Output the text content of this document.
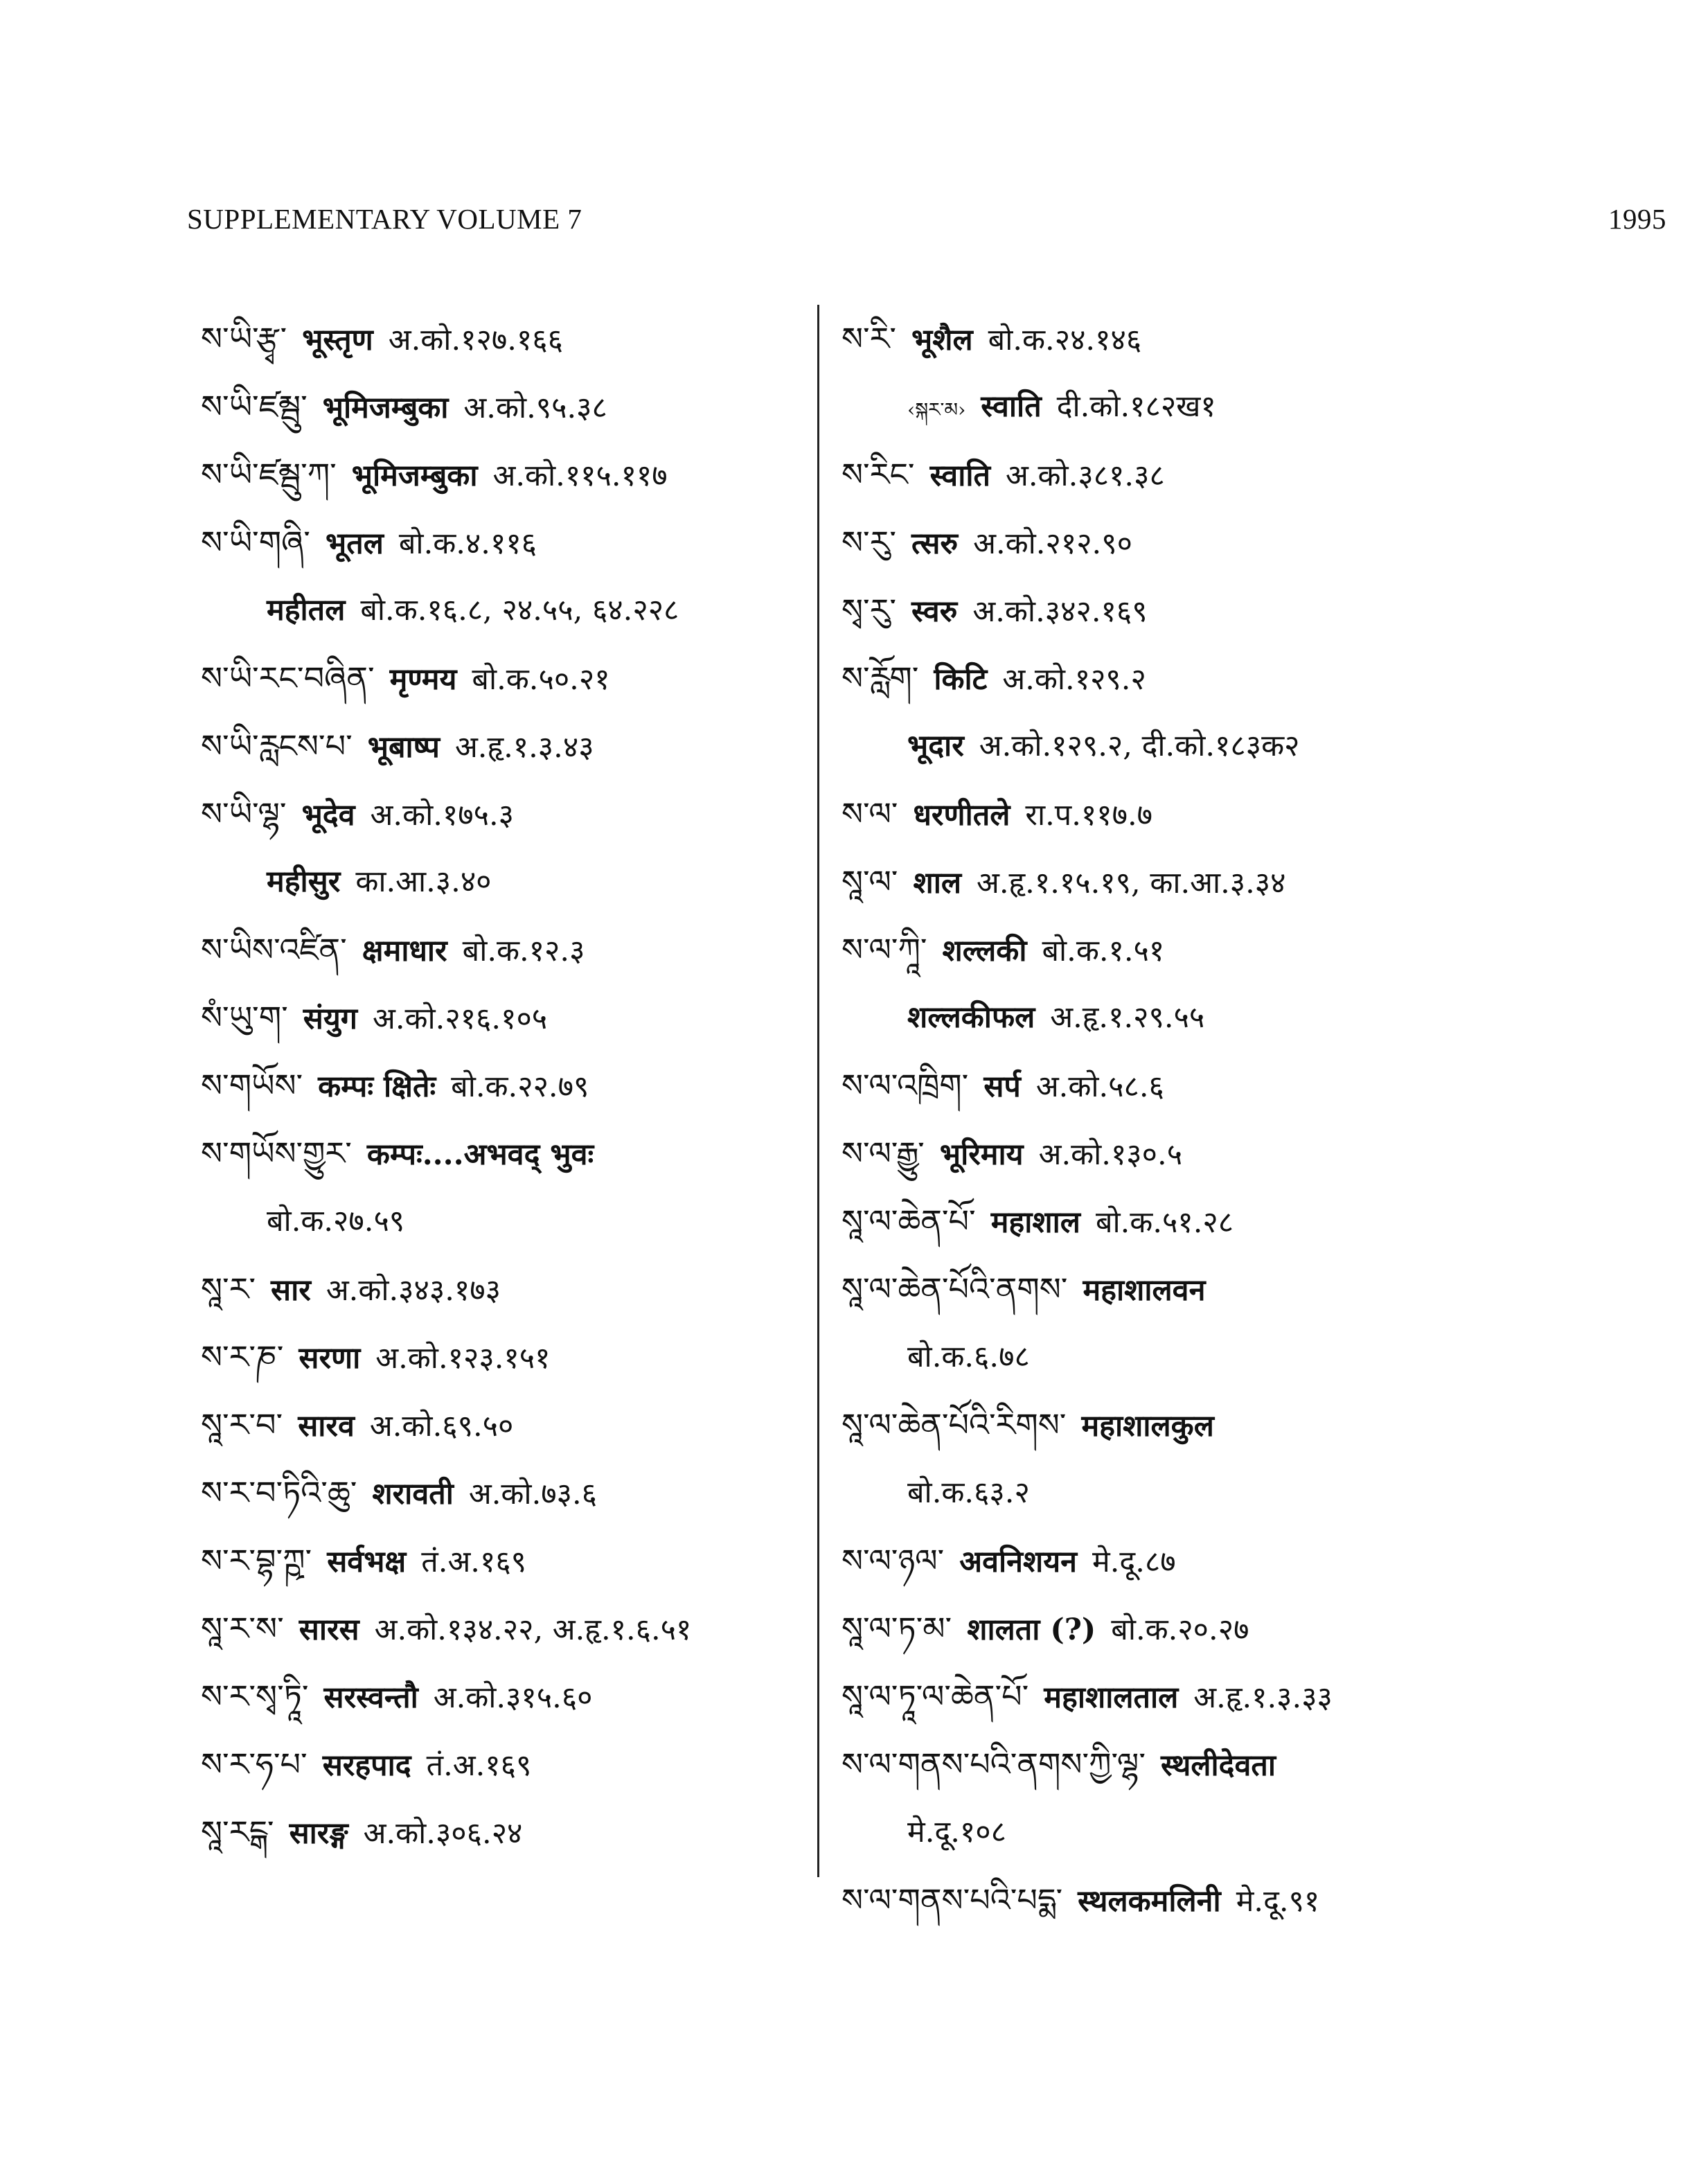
SUPPLEMENTARY VOLUME 7	1995
ས་ཡི་རྩྭ་ भूस्तृण अ.को.१२७.१६६
ས་ཡི་ཛམྦུ་ भूमिजम्बुका अ.को.९५.३८
ས་ཡི་ཛམྦུ་ཀ་ भूमिजम्बुका अ.को.११५.११७
ས་ཡི་གཞི་ भूतल बो.क.४.११६
महीतल बो.क.१६.८, २४.५५, ६४.२२८
ས་ཡི་རང་བཞིན་ मृण्मय बो.क.५०.२१
ས་ཡི་རླངས་པ་ भूबाष्प अ.हृ.१.३.४३
ས་ཡི་ལྷ་ भूदेव अ.को.१७५.३
महीसुर का.आ.३.४०
ས་ཡིས་འཛིན་ क्षमाधार बो.क.१२.३
སཾ་ཡུ་ག་ संयुग अ.को.२१६.१०५
ས་གཡོས་ कम्पः क्षितेः बो.क.२२.७९
ས་གཡོས་གྱུར་ कम्पः....अभवद् भुवः
बो.क.२७.५९
སཱ་ར་ सार अ.को.३४३.१७३
ས་ར་ཎ་ सरणा अ.को.१२३.१५१
སཱ་ར་བ་ सारव अ.को.६९.५०
ས་ར་བ་ཏིའི་ཆུ་ शरावती अ.को.७३.६
ས་ར་བྷ་ཀྵ་ सर्वभक्ष तं.अ.१६९
སཱ་ར་ས་ सारस अ.को.१३४.२२, अ.हृ.१.६.५१
ས་ར་སྭ་ཏཱི་ सरस्वन्तौ अ.को.३१५.६०
ས་ར་ཧ་པ་ सरहपाद तं.अ.१६९
སཱ་རངྒ་ सारङ्ग अ.को.३०६.२४
ས་རི་ भूशैल बो.क.२४.१४६
‹སྐར་མ› स्वाति दी.को.१८२ख१
ས་རིང་ स्वाति अ.को.३८१.३८
ས་རུ་ त्सरु अ.को.२१२.९०
སྭ་རུ་ स्वरु अ.को.३४२.१६९
ས་རློག་ किटि अ.को.१२९.२
भूदार अ.को.१२९.२, दी.को.१८३क२
ས་ལ་ धरणीतले रा.प.११७.७
སཱ་ལ་ शाल अ.हृ.१.१५.१९, का.आ.३.३४
ས་ལ་ཀཱི་ शल्लकी बो.क.१.५१
शल्लकीफल अ.हृ.१.२९.५५
ས་ལ་འཁྲིག་ सर्प अ.को.५८.६
ས་ལ་རྒྱུ་ भूरिमाय अ.को.१३०.५
སཱ་ལ་ཆེན་པོ་ महाशाल बो.क.५१.२८
སཱ་ལ་ཆེན་པོའི་ནགས་ महाशालवन
बो.क.६.७८
སཱ་ལ་ཆེན་པོའི་རིགས་ महाशालकुल
बो.क.६३.२
ས་ལ་ཉལ་ अवनिशयन मे.दू.८७
སཱ་ལ་ཏ་མ་ शालता (?) बो.क.२०.२७
སཱ་ལ་ཏཱ་ལ་ཆེན་པོ་ महाशालताल अ.हृ.१.३.३३
ས་ལ་གནས་པའི་ནགས་ཀྱི་ལྷ་ स्थलीदेवता
मे.दू.१०८
ས་ལ་གནས་པའི་པདྨ་ स्थलकमलिनी मे.दू.९१
